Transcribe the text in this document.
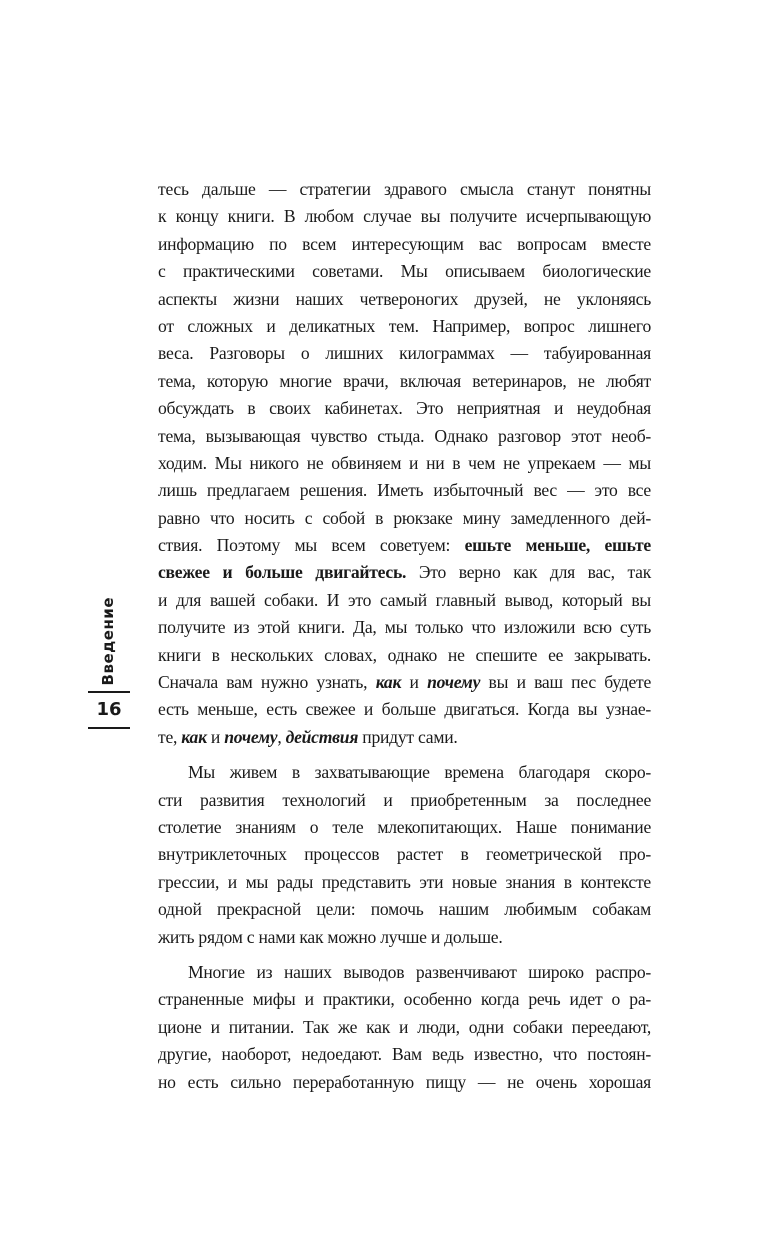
Введение
16

тесь дальше — стратегии здравого смысла станут понятны
к концу книги. В любом случае вы получите исчерпывающую
информацию по всем интересующим вас вопросам вместе
с практическими советами. Мы описываем биологические
аспекты жизни наших четвероногих друзей, не уклоняясь
от сложных и деликатных тем. Например, вопрос лишнего
веса. Разговоры о лишних килограммах — табуированная
тема, которую многие врачи, включая ветеринаров, не любят
обсуждать в своих кабинетах. Это неприятная и неудобная
тема, вызывающая чувство стыда. Однако разговор этот необ-
ходим. Мы никого не обвиняем и ни в чем не упрекаем — мы
лишь предлагаем решения. Иметь избыточный вес — это все
равно что носить с собой в рюкзаке мину замедленного дей-
ствия. Поэтому мы всем советуем: ешьте меньше, ешьте
свежее и больше двигайтесь. Это верно как для вас, так
и для вашей собаки. И это самый главный вывод, который вы
получите из этой книги. Да, мы только что изложили всю суть
книги в нескольких словах, однако не спешите ее закрывать.
Сначала вам нужно узнать, как и почему вы и ваш пес будете
есть меньше, есть свежее и больше двигаться. Когда вы узнае-
те, как и почему, действия придут сами.

Мы живем в захватывающие времена благодаря скоро-
сти развития технологий и приобретенным за последнее
столетие знаниям о теле млекопитающих. Наше понимание
внутриклеточных процессов растет в геометрической про-
грессии, и мы рады представить эти новые знания в контексте
одной прекрасной цели: помочь нашим любимым собакам
жить рядом с нами как можно лучше и дольше.

Многие из наших выводов развенчивают широко распро-
страненные мифы и практики, особенно когда речь идет о ра-
ционе и питании. Так же как и люди, одни собаки переедают,
другие, наоборот, недоедают. Вам ведь известно, что постоян-
но есть сильно переработанную пищу — не очень хорошая
